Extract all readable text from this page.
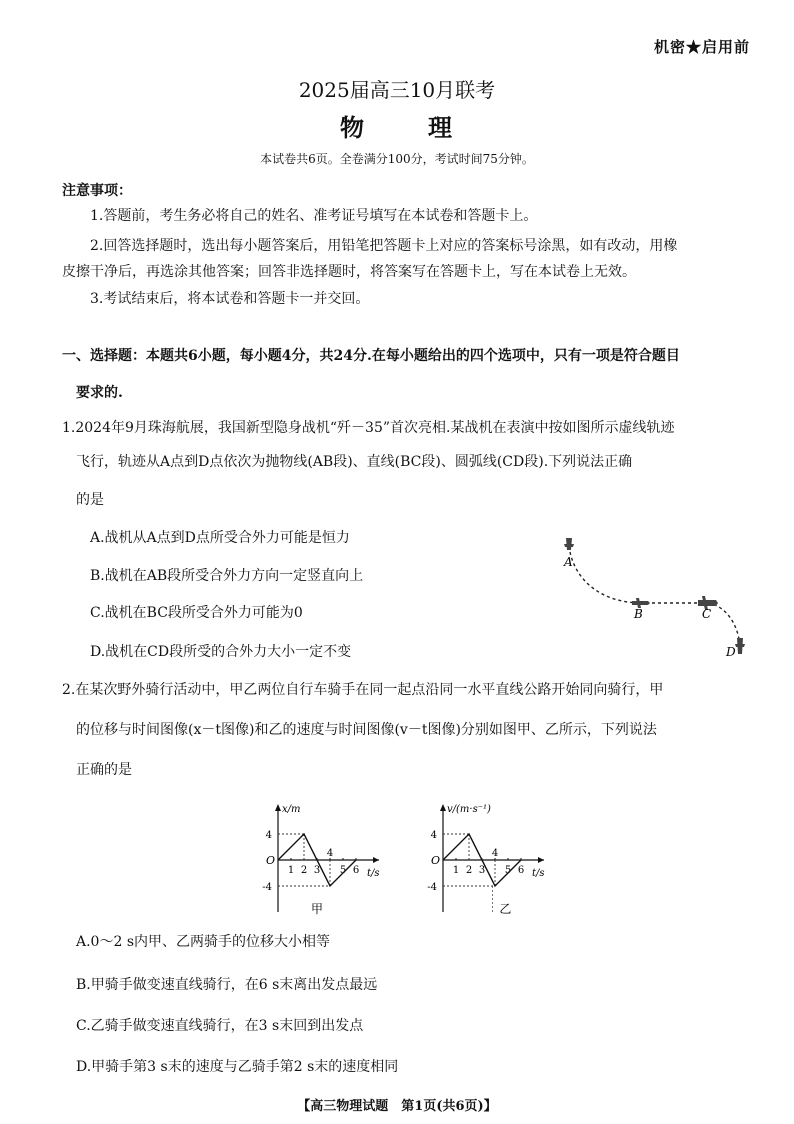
机密★启用前
2025届高三10月联考
物　理
本试卷共6页。全卷满分100分，考试时间75分钟。
注意事项：
1.答题前，考生务必将自己的姓名、准考证号填写在本试卷和答题卡上。
2.回答选择题时，选出每小题答案后，用铅笔把答题卡上对应的答案标号涂黑，如有改动，用橡
皮擦干净后，再选涂其他答案；回答非选择题时，将答案写在答题卡上，写在本试卷上无效。
3.考试结束后，将本试卷和答题卡一并交回。
一、选择题：本题共6小题，每小题4分，共24分.在每小题给出的四个选项中，只有一项是符合题目
要求的.
1.2024年9月珠海航展，我国新型隐身战机“歼－35”首次亮相.某战机在表演中按如图所示虚线轨迹
飞行，轨迹从A点到D点依次为抛物线(AB段)、直线(BC段)、圆弧线(CD段).下列说法正确
的是
A.战机从A点到D点所受合外力可能是恒力
B.战机在AB段所受合外力方向一定竖直向上
C.战机在BC段所受合外力可能为0
D.战机在CD段所受的合外力大小一定不变
A
B	C
D
2.在某次野外骑行活动中，甲乙两位自行车骑手在同一起点沿同一水平直线公路开始同向骑行，甲
的位移与时间图像(x－t图像)和乙的速度与时间图像(v－t图像)分别如图甲、乙所示，下列说法
正确的是
x/m
t/s
O
4
-4
1 2 3
4
5 6
甲
v/(m·s⁻¹)
t/s
O
4
-4
1 2 3
4
5 6
乙
A.0～2 s内甲、乙两骑手的位移大小相等
B.甲骑手做变速直线骑行，在6 s末离出发点最远
C.乙骑手做变速直线骑行，在3 s末回到出发点
D.甲骑手第3 s末的速度与乙骑手第2 s末的速度相同
【高三物理试题　第1页(共6页)】
